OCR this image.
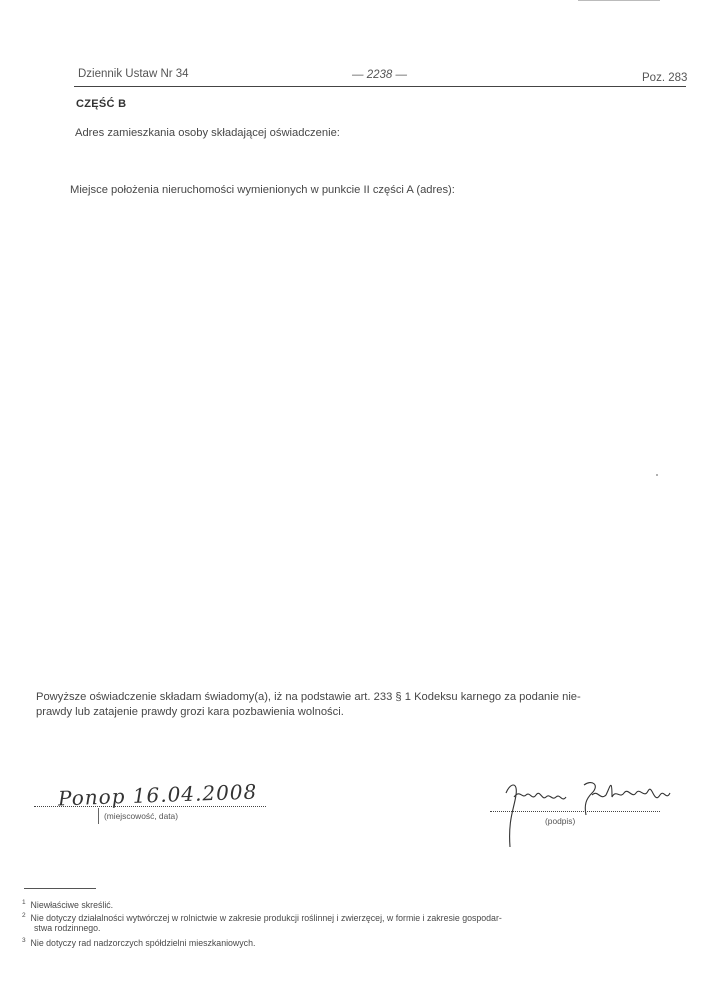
Dziennik Ustaw Nr 34	— 2238 —	Poz. 283
CZĘŚĆ B
Adres zamieszkania osoby składającej oświadczenie:
Miejsce położenia nieruchomości wymienionych w punkcie II części A (adres):
Powyższe oświadczenie składam świadomy(a), iż na podstawie art. 233 § 1 Kodeksu karnego za podanie nie-
prawdy lub zatajenie prawdy grozi kara pozbawienia wolności.
Ponop 16.04.2008
(miejscowość, data)	(podpis)
$^1$ Niewłaściwe skreślić.
$^2$ Nie dotyczy działalności wytwórczej w rolnictwie w zakresie produkcji roślinnej i zwierzęcej, w formie i zakresie gospodar-
stwa rodzinnego.
$^3$ Nie dotyczy rad nadzorczych spółdzielni mieszkaniowych.
